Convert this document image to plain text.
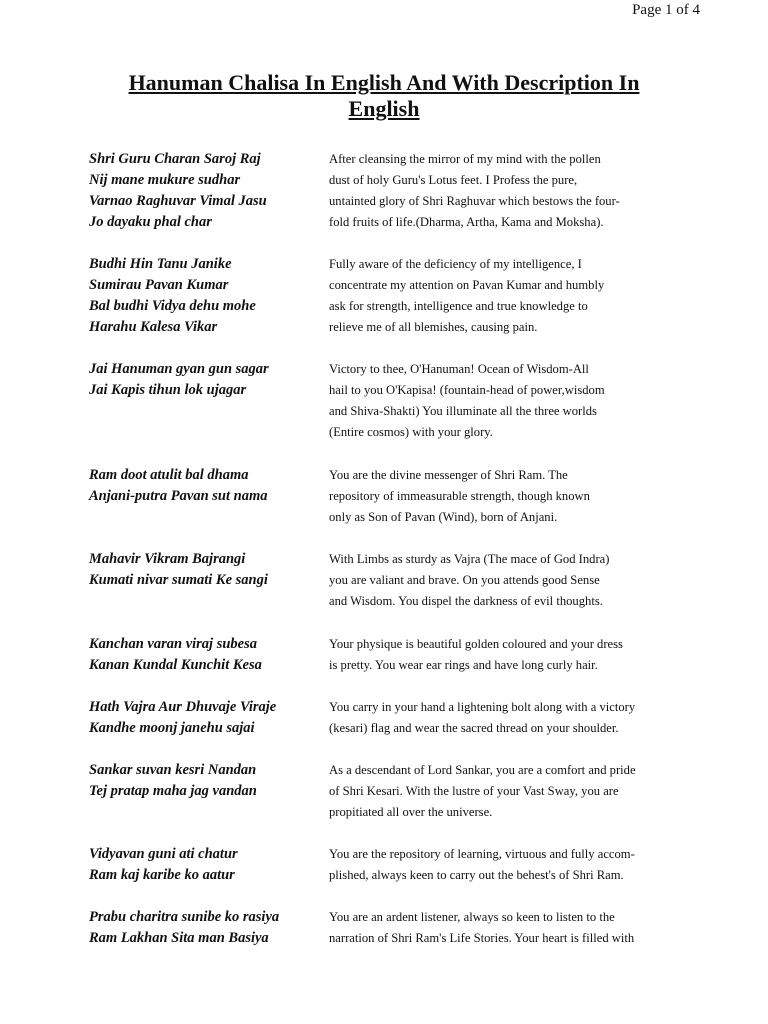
Page 1 of 4
Hanuman Chalisa In English And With Description In
English
Shri Guru Charan Saroj Raj
Nij mane mukure sudhar
Varnao Raghuvar Vimal Jasu
Jo dayaku phal char
After cleansing the mirror of my mind with the pollen
dust of holy Guru's Lotus feet. I Profess the pure,
untainted glory of Shri Raghuvar which bestows the four-
fold fruits of life.(Dharma, Artha, Kama and Moksha).
Budhi Hin Tanu Janike
Sumirau Pavan Kumar
Bal budhi Vidya dehu mohe
Harahu Kalesa Vikar
Fully aware of the deficiency of my intelligence, I
concentrate my attention on Pavan Kumar and humbly
ask for strength, intelligence and true knowledge to
relieve me of all blemishes, causing pain.
Jai Hanuman gyan gun sagar
Jai Kapis tihun lok ujagar
Victory to thee, O'Hanuman! Ocean of Wisdom-All
hail to you O'Kapisa! (fountain-head of power,wisdom
and Shiva-Shakti) You illuminate all the three worlds
(Entire cosmos) with your glory.
Ram doot atulit bal dhama
Anjani-putra Pavan sut nama
You are the divine messenger of Shri Ram. The
repository of immeasurable strength, though known
only as Son of Pavan (Wind), born of Anjani.
Mahavir Vikram Bajrangi
Kumati nivar sumati Ke sangi
With Limbs as sturdy as Vajra (The mace of God Indra)
you are valiant and brave. On you attends good Sense
and Wisdom. You dispel the darkness of evil thoughts.
Kanchan varan viraj subesa
Kanan Kundal Kunchit Kesa
Your physique is beautiful golden coloured and your dress
is pretty. You wear ear rings and have long curly hair.
Hath Vajra Aur Dhuvaje Viraje
Kandhe moonj janehu sajai
You carry in your hand a lightening bolt along with a victory
(kesari) flag and wear the sacred thread on your shoulder.
Sankar suvan kesri Nandan
Tej pratap maha jag vandan
As a descendant of Lord Sankar, you are a comfort and pride
of Shri Kesari. With the lustre of your Vast Sway, you are
propitiated all over the universe.
Vidyavan guni ati chatur
Ram kaj karibe ko aatur
You are the repository of learning, virtuous and fully accom-
plished, always keen to carry out the behest's of Shri Ram.
Prabu charitra sunibe ko rasiya
Ram Lakhan Sita man Basiya
You are an ardent listener, always so keen to listen to the
narration of Shri Ram's Life Stories. Your heart is filled with
